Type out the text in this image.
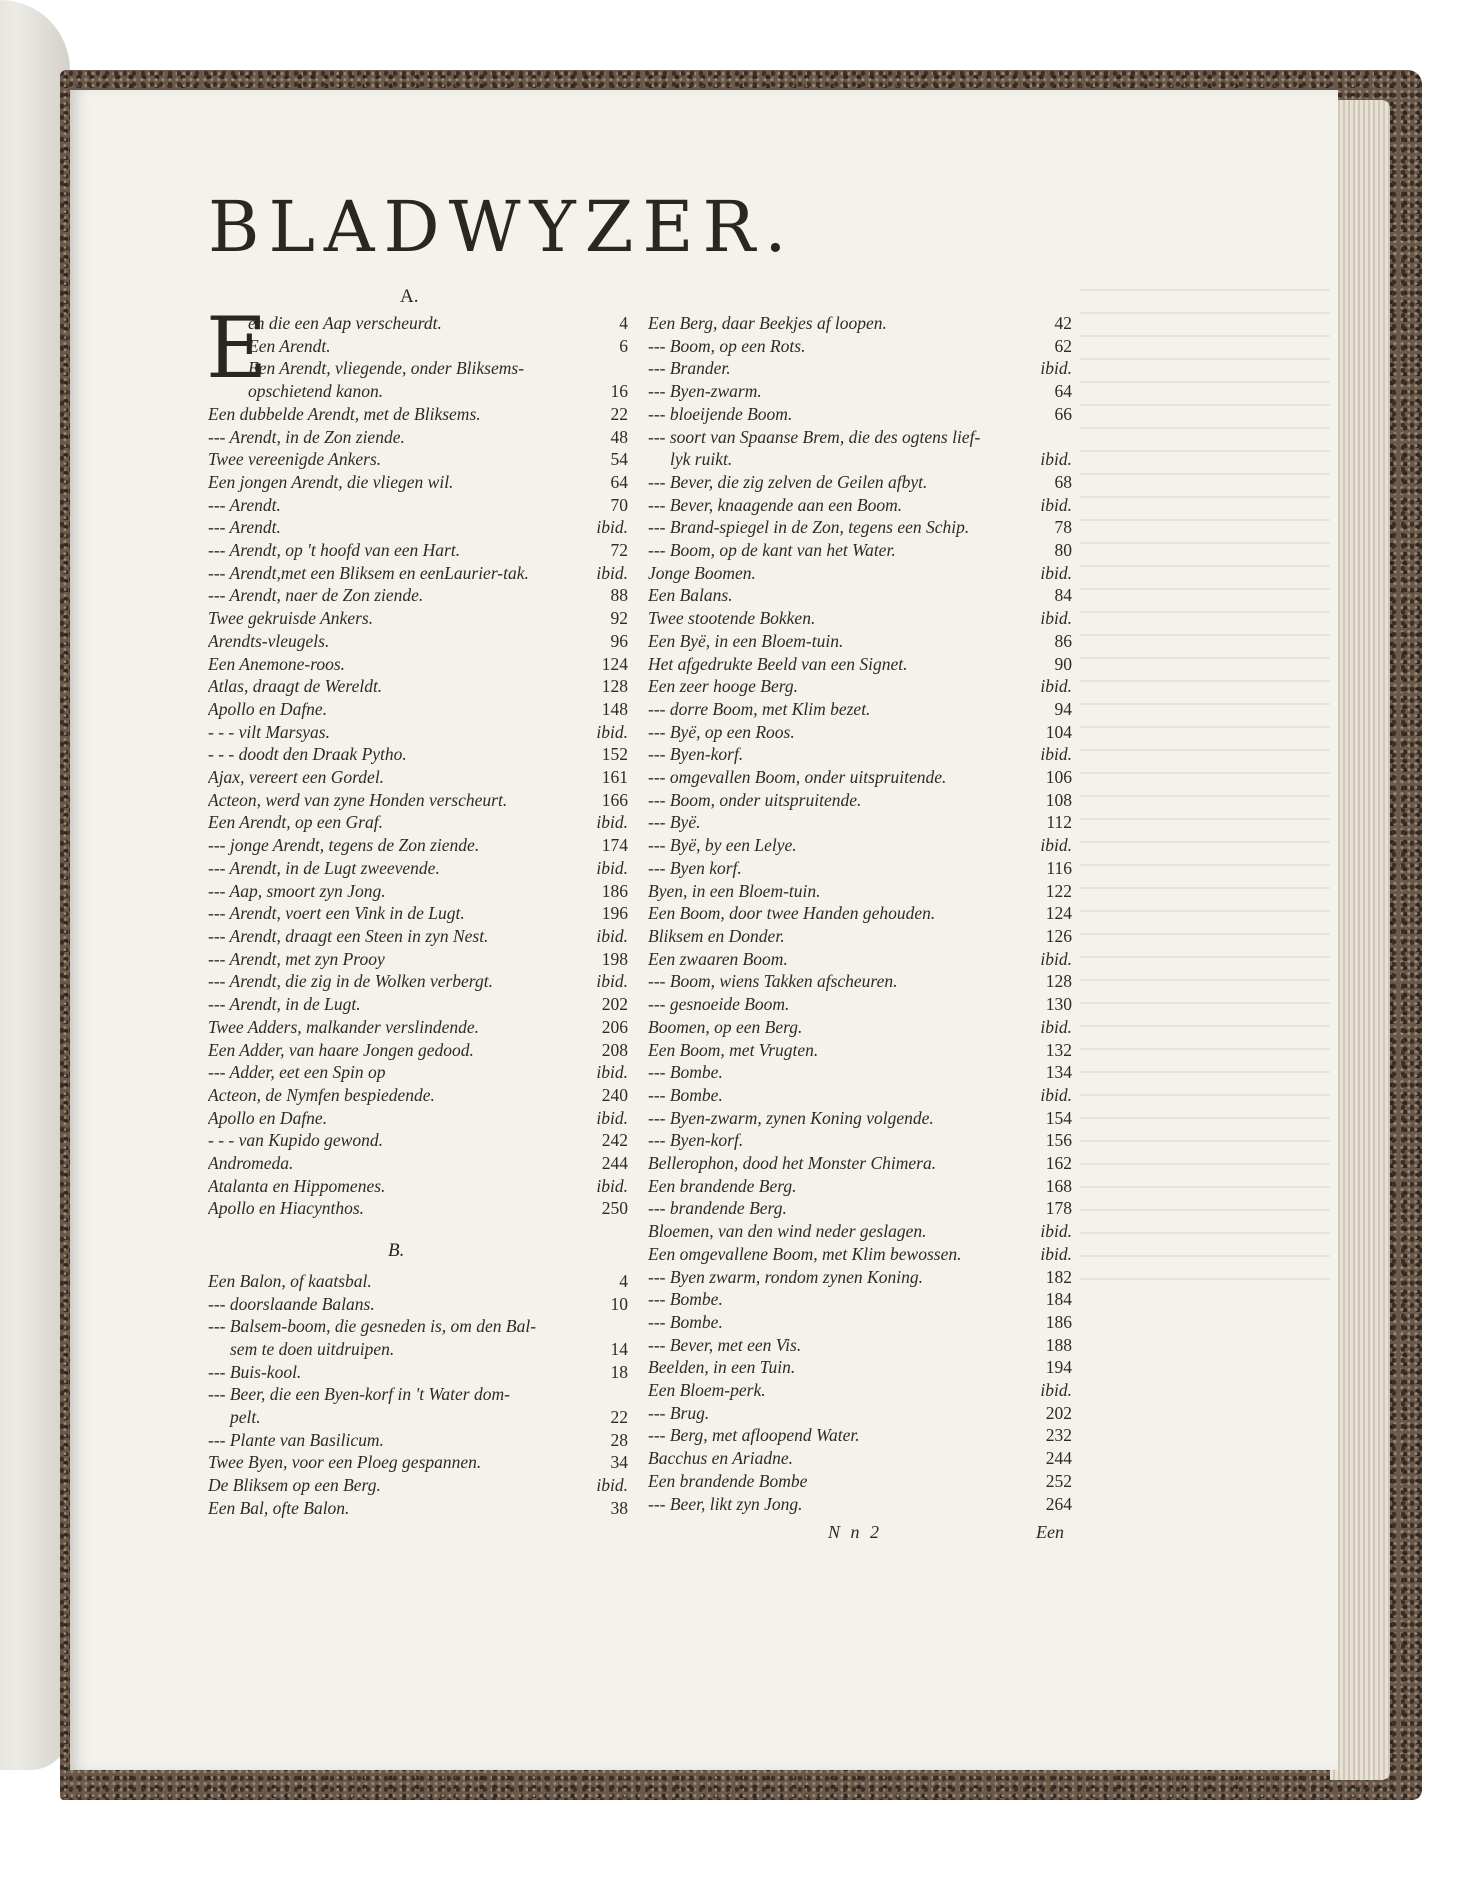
BLADWYZER.
A.
E
en die een Aap verscheurdt.	4
Een Arendt.	6
Een Arendt, vliegende, onder Bliksems-
opschietend kanon.	16
Een dubbelde Arendt, met de Bliksems.	22
--- Arendt, in de Zon ziende.	48
Twee vereenigde Ankers.	54
Een jongen Arendt, die vliegen wil.	64
--- Arendt.	70
--- Arendt.	ibid.
--- Arendt, op 't hoofd van een Hart.	72
--- Arendt,met een Bliksem en eenLaurier-tak.	ibid.
--- Arendt, naer de Zon ziende.	88
Twee gekruisde Ankers.	92
Arendts-vleugels.	96
Een Anemone-roos.	124
Atlas, draagt de Wereldt.	128
Apollo en Dafne.	148
- - - vilt Marsyas.	ibid.
- - - doodt den Draak Pytho.	152
Ajax, vereert een Gordel.	161
Acteon, werd van zyne Honden verscheurt.	166
Een Arendt, op een Graf.	ibid.
--- jonge Arendt, tegens de Zon ziende.	174
--- Arendt, in de Lugt zweevende.	ibid.
--- Aap, smoort zyn Jong.	186
--- Arendt, voert een Vink in de Lugt.	196
--- Arendt, draagt een Steen in zyn Nest.	ibid.
--- Arendt, met zyn Prooy	198
--- Arendt, die zig in de Wolken verbergt.	ibid.
--- Arendt, in de Lugt.	202
Twee Adders, malkander verslindende.	206
Een Adder, van haare Jongen gedood.	208
--- Adder, eet een Spin op	ibid.
Acteon, de Nymfen bespiedende.	240
Apollo en Dafne.	ibid.
- - - van Kupido gewond.	242
Andromeda.	244
Atalanta en Hippomenes.	ibid.
Apollo en Hiacynthos.	250
B.
Een Balon, of kaatsbal.	4
--- doorslaande Balans.	10
--- Balsem-boom, die gesneden is, om den Bal-
sem te doen uitdruipen.	14
--- Buis-kool.	18
--- Beer, die een Byen-korf in 't Water dom-
pelt.	22
--- Plante van Basilicum.	28
Twee Byen, voor een Ploeg gespannen.	34
De Bliksem op een Berg.	ibid.
Een Bal, ofte Balon.	38
Een Berg, daar Beekjes af loopen.	42
--- Boom, op een Rots.	62
--- Brander.	ibid.
--- Byen-zwarm.	64
--- bloeijende Boom.	66
--- soort van Spaanse Brem, die des ogtens lief-
lyk ruikt.	ibid.
--- Bever, die zig zelven de Geilen afbyt.	68
--- Bever, knaagende aan een Boom.	ibid.
--- Brand-spiegel in de Zon, tegens een Schip.	78
--- Boom, op de kant van het Water.	80
Jonge Boomen.	ibid.
Een Balans.	84
Twee stootende Bokken.	ibid.
Een Byë, in een Bloem-tuin.	86
Het afgedrukte Beeld van een Signet.	90
Een zeer hooge Berg.	ibid.
--- dorre Boom, met Klim bezet.	94
--- Byë, op een Roos.	104
--- Byen-korf.	ibid.
--- omgevallen Boom, onder uitspruitende.	106
--- Boom, onder uitspruitende.	108
--- Byë.	112
--- Byë, by een Lelye.	ibid.
--- Byen korf.	116
Byen, in een Bloem-tuin.	122
Een Boom, door twee Handen gehouden.	124
Bliksem en Donder.	126
Een zwaaren Boom.	ibid.
--- Boom, wiens Takken afscheuren.	128
--- gesnoeide Boom.	130
Boomen, op een Berg.	ibid.
Een Boom, met Vrugten.	132
--- Bombe.	134
--- Bombe.	ibid.
--- Byen-zwarm, zynen Koning volgende.	154
--- Byen-korf.	156
Bellerophon, dood het Monster Chimera.	162
Een brandende Berg.	168
--- brandende Berg.	178
Bloemen, van den wind neder geslagen.	ibid.
Een omgevallene Boom, met Klim bewossen.	ibid.
--- Byen zwarm, rondom zynen Koning.	182
--- Bombe.	184
--- Bombe.	186
--- Bever, met een Vis.	188
Beelden, in een Tuin.	194
Een Bloem-perk.	ibid.
--- Brug.	202
--- Berg, met afloopend Water.	232
Bacchus en Ariadne.	244
Een brandende Bombe	252
--- Beer, likt zyn Jong.	264
N n 2	Een
